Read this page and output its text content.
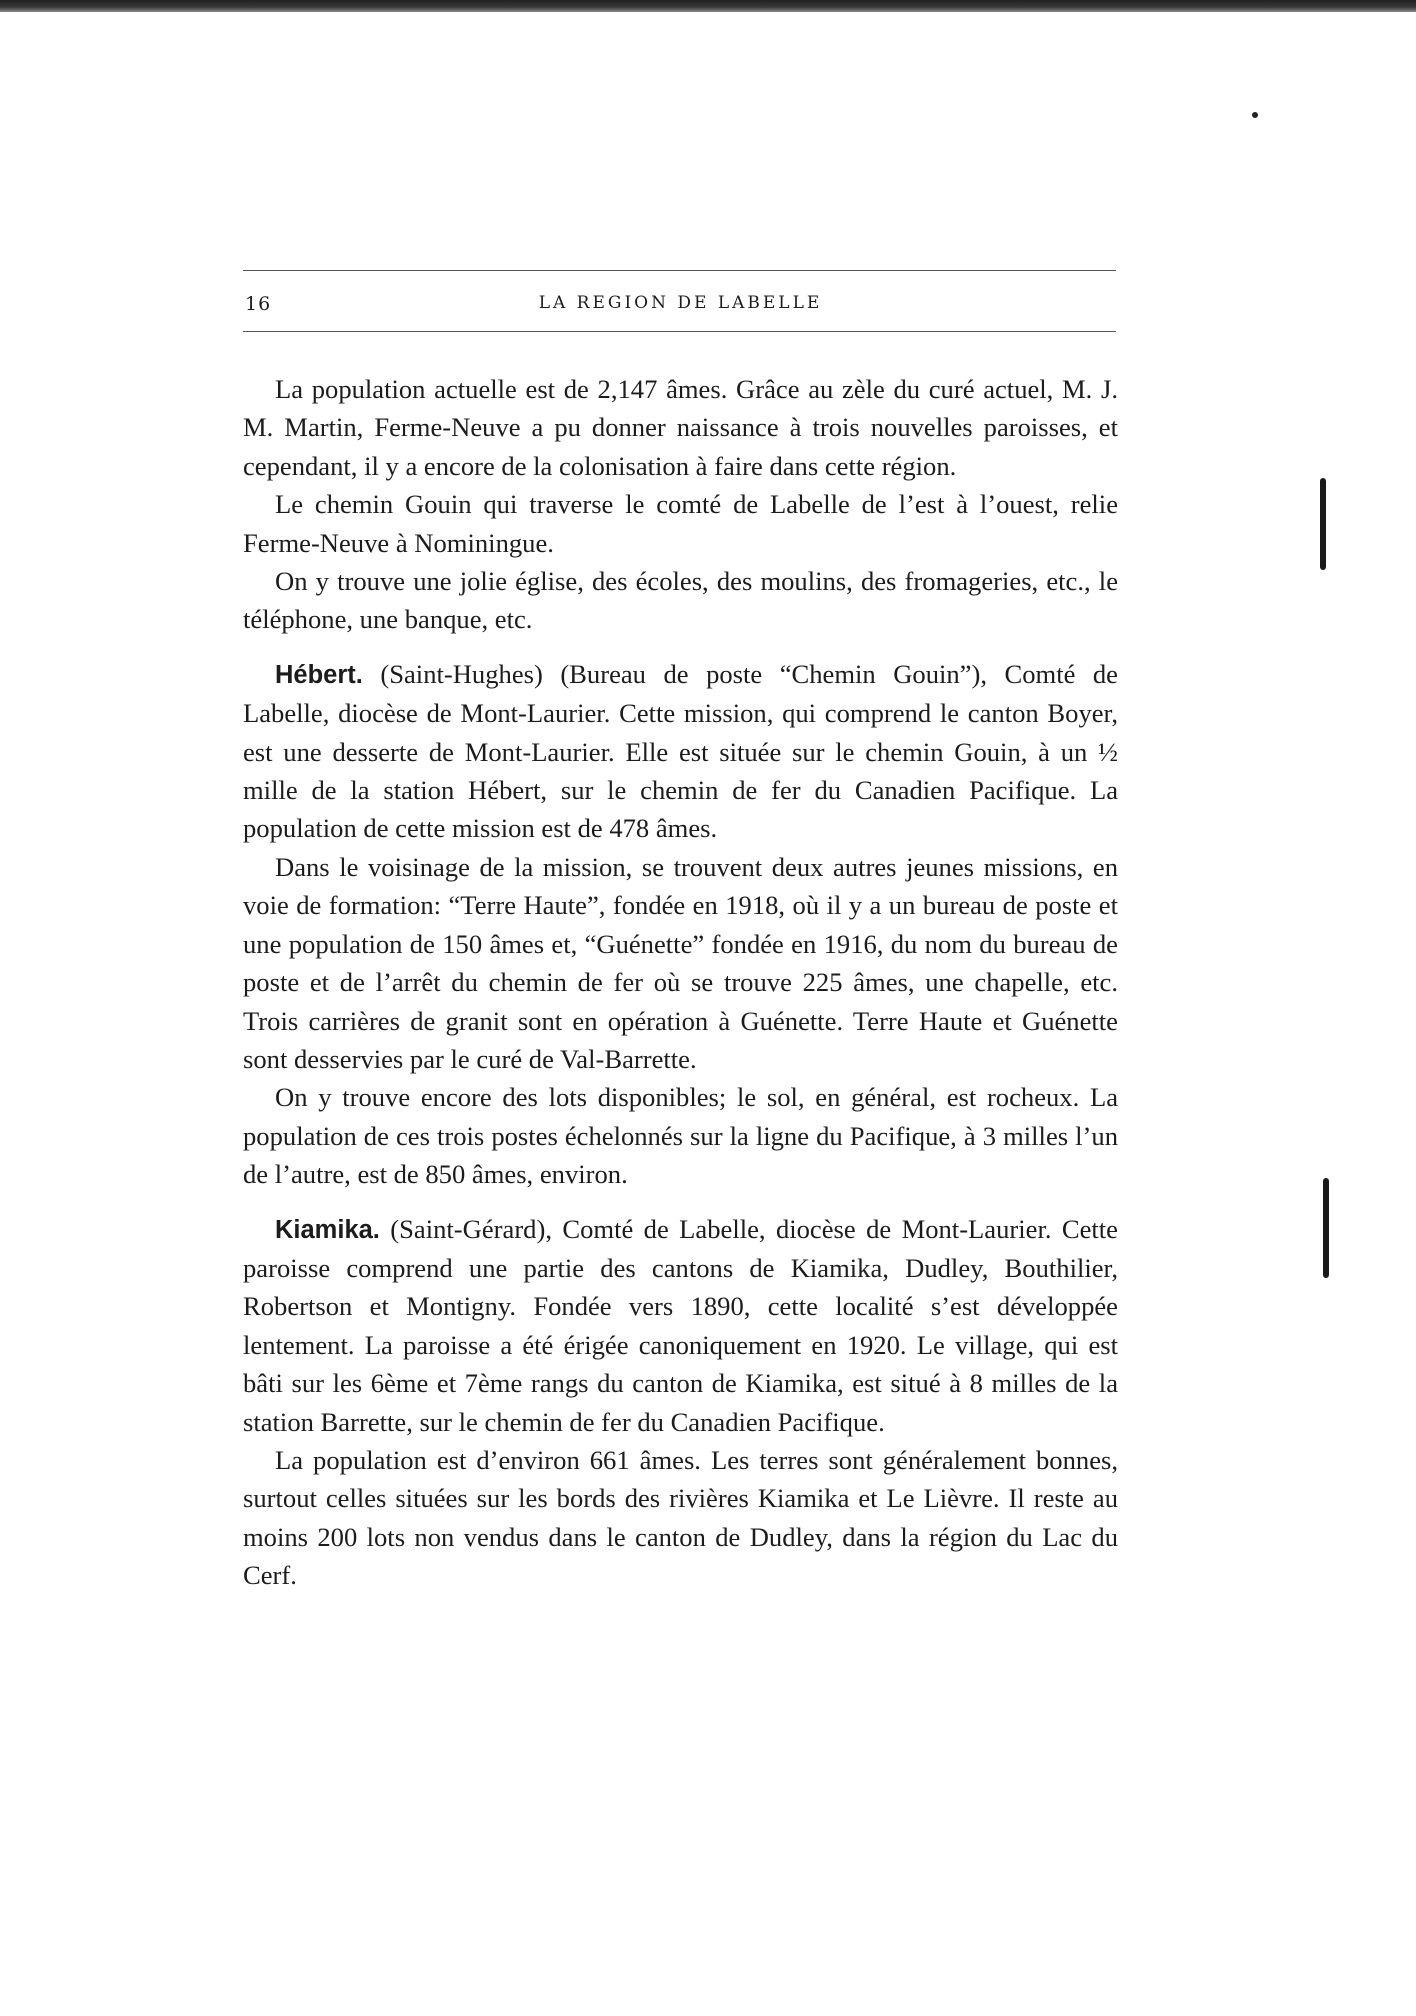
16	LA REGION DE LABELLE

La population actuelle est de 2,147 âmes. Grâce au zèle du curé actuel, M. J. M. Martin, Ferme-Neuve a pu donner naissance à trois nouvelles paroisses, et cependant, il y a encore de la colonisation à faire dans cette région.

Le chemin Gouin qui traverse le comté de Labelle de l’est à l’ouest, relie Ferme-Neuve à Nominingue.

On y trouve une jolie église, des écoles, des moulins, des fromageries, etc., le téléphone, une banque, etc.

Hébert. (Saint-Hughes) (Bureau de poste “Chemin Gouin”), Comté de Labelle, diocèse de Mont-Laurier. Cette mission, qui comprend le canton Boyer, est une desserte de Mont-Laurier. Elle est située sur le chemin Gouin, à un ½ mille de la station Hébert, sur le chemin de fer du Canadien Pacifique. La population de cette mission est de 478 âmes.

Dans le voisinage de la mission, se trouvent deux autres jeunes missions, en voie de formation: “Terre Haute”, fondée en 1918, où il y a un bureau de poste et une population de 150 âmes et, “Guénette” fondée en 1916, du nom du bureau de poste et de l’arrêt du chemin de fer où se trouve 225 âmes, une chapelle, etc. Trois carrières de granit sont en opération à Guénette. Terre Haute et Guénette sont desservies par le curé de Val-Barrette.

On y trouve encore des lots disponibles; le sol, en général, est rocheux. La population de ces trois postes échelonnés sur la ligne du Pacifique, à 3 milles l’un de l’autre, est de 850 âmes, environ.

Kiamika. (Saint-Gérard), Comté de Labelle, diocèse de Mont-Laurier. Cette paroisse comprend une partie des cantons de Kiamika, Dudley, Bouthilier, Robertson et Montigny. Fondée vers 1890, cette localité s’est développée lentement. La paroisse a été érigée canoniquement en 1920. Le village, qui est bâti sur les 6ème et 7ème rangs du canton de Kiamika, est situé à 8 milles de la station Barrette, sur le chemin de fer du Canadien Pacifique.

La population est d’environ 661 âmes. Les terres sont généralement bonnes, surtout celles situées sur les bords des rivières Kiamika et Le Lièvre. Il reste au moins 200 lots non vendus dans le canton de Dudley, dans la région du Lac du Cerf.
